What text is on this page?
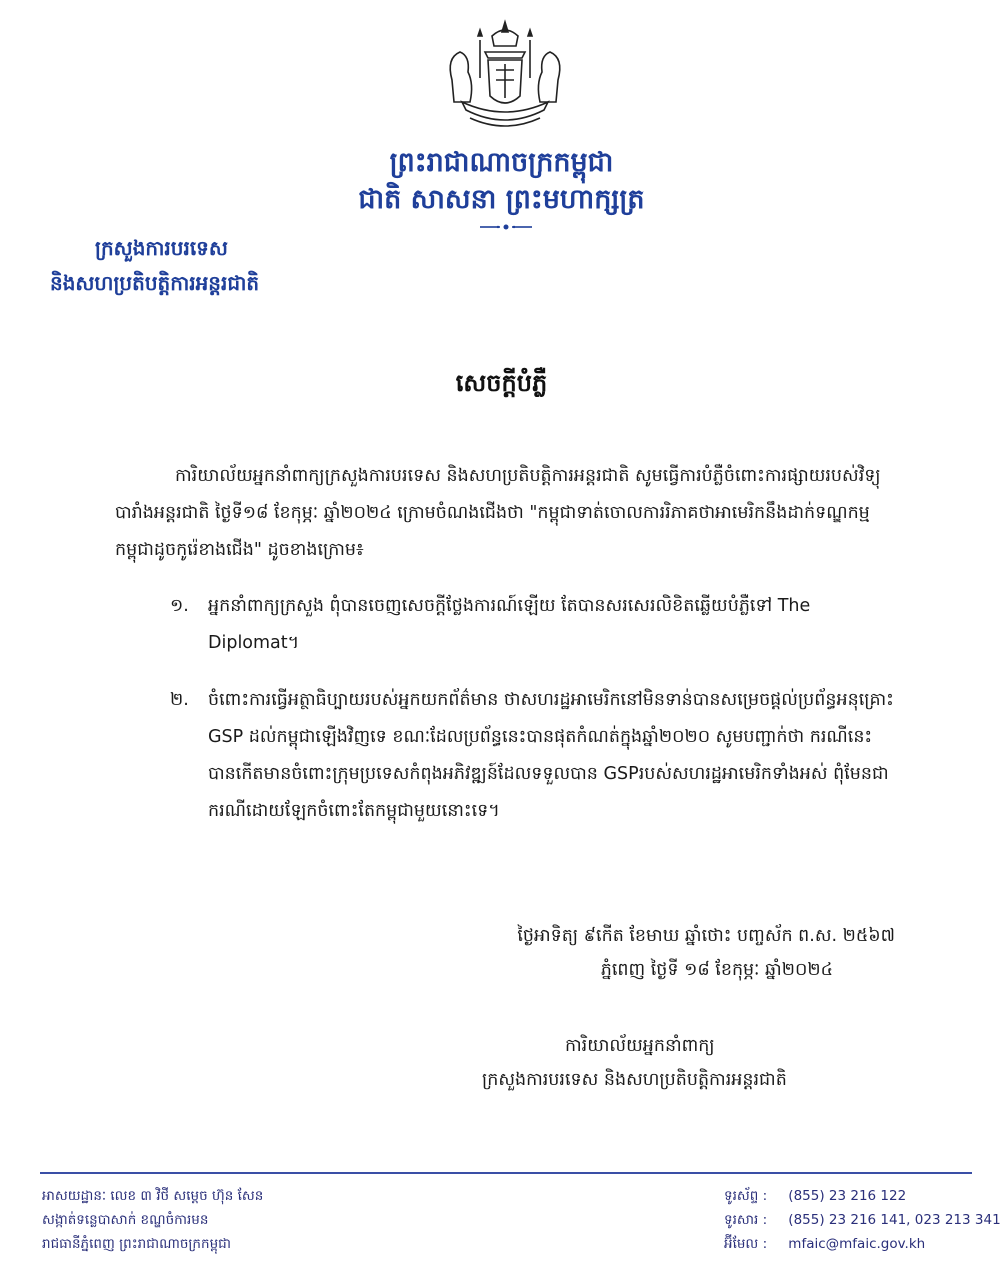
ព្រះរាជាណាចក្រកម្ពុជា
ជាតិ សាសនា ព្រះមហាក្សត្រ
ក្រសួងការបរទេស
និងសហប្រតិបត្តិការអន្តរជាតិ
សេចក្តីបំភ្លឺ
ការិយាល័យអ្នកនាំពាក្យក្រសួងការបរទេស និងសហប្រតិបត្តិការអន្តរជាតិ សូមធ្វើការបំភ្លឺចំពោះការផ្សាយរបស់វិទ្យុបារាំងអន្តរជាតិ ថ្ងៃទី១៨ ខែកុម្ភៈ ឆ្នាំ២០២៤ ក្រោមចំណងជើងថា "កម្ពុជាទាត់ចោលការរិភាគថាអាមេរិកនឹងដាក់ទណ្ឌកម្មកម្ពុជាដូចកូរ៉េខាងជើង" ដូចខាងក្រោម៖
១. អ្នកនាំពាក្យក្រសួង ពុំបានចេញសេចក្តីថ្លែងការណ៍ឡើយ តែបានសរសេរលិខិតឆ្លើយបំភ្លឺទៅ The Diplomat។
២. ចំពោះការធ្វើអត្ថាធិប្បាយរបស់អ្នកយកព័ត៌មាន ថាសហរដ្ឋអាមេរិកនៅមិនទាន់បានសម្រេចផ្តល់ប្រព័ន្ធអនុគ្រោះ GSP ដល់កម្ពុជាឡើងវិញទេ ខណៈដែលប្រព័ន្ធនេះបានផុតកំណត់ក្នុងឆ្នាំ២០២០ សូមបញ្ជាក់ថា ករណីនេះបានកើតមានចំពោះក្រុមប្រទេសកំពុងអភិវឌ្ឍន៍ដែលទទួលបាន GSPរបស់សហរដ្ឋអាមេរិកទាំងអស់ ពុំមែនជាករណីដោយឡែកចំពោះតែកម្ពុជាមួយនោះទេ។
ថ្ងៃអាទិត្យ ៩កើត ខែមាឃ ឆ្នាំថោះ បញ្ចស័ក ព.ស. ២៥៦៧
ភ្នំពេញ ថ្ងៃទី ១៨ ខែកុម្ភៈ ឆ្នាំ២០២៤
ការិយាល័យអ្នកនាំពាក្យ
ក្រសួងការបរទេស និងសហប្រតិបត្តិការអន្តរជាតិ
អាសយដ្ឋានៈ លេខ ៣ វិថី សម្តេច ហ៊ុន សែន
សង្កាត់ទន្លេបាសាក់ ខណ្ឌចំការមន
រាជធានីភ្នំពេញ ព្រះរាជាណាចក្រកម្ពុជា
ទូរស័ព្ទ : (855) 23 216 122
ទូរសារ : (855) 23 216 141, 023 213 341
អ៊ីមែល : mfaic@mfaic.gov.kh
